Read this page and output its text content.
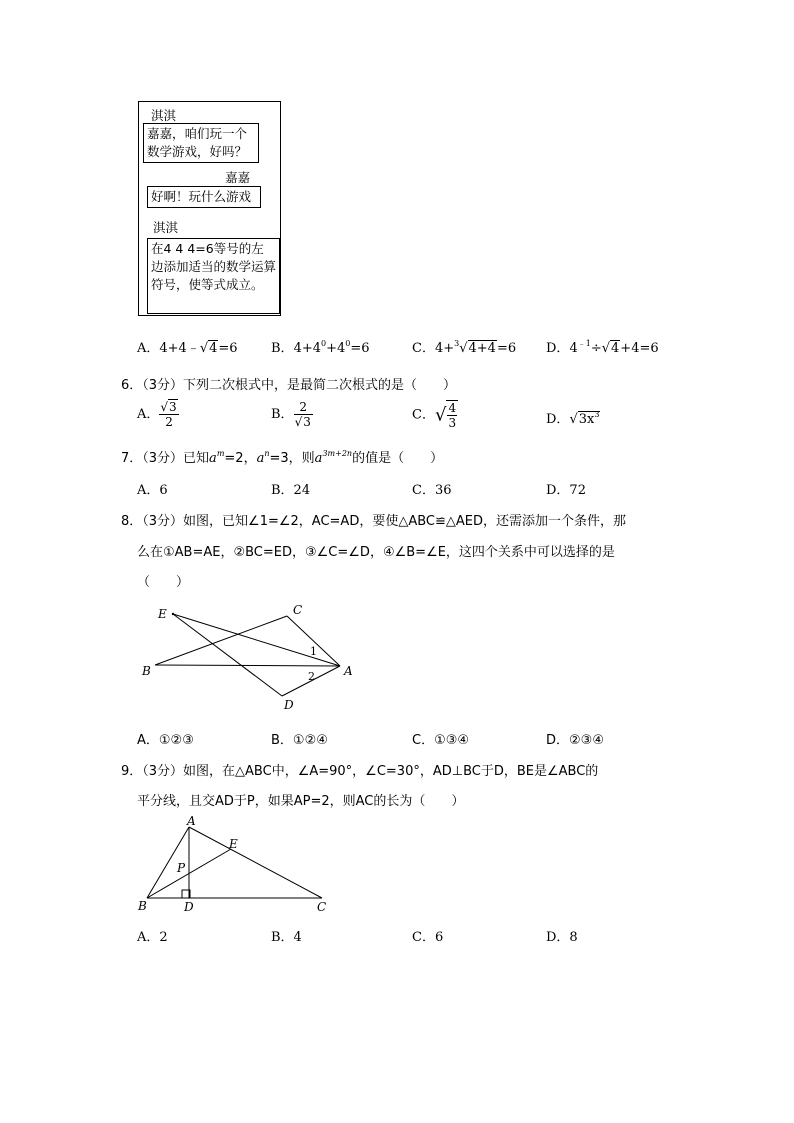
淇淇
嘉嘉，咱们玩一个数学游戏，好吗？
嘉嘉
好啊！玩什么游戏
淇淇
在4 4 4=6等号的左边添加适当的数学运算符号，使等式成立。
A．4+4﹣√4=6	B．$4+4^0+4^0=6$	C．4+$^3$√4+4=6 D．$4^{﹣1}\div√4+4=6$
6．（3分）下列二次根式中，是最简二次根式的是（　　）
A． $\frac{√3}{2}$	B． $\frac{2}{√3}$	C．√ $\frac{4}{3}$	D．$√3x^3$
7．（3分）已知$a^m=2$，$a^n=3$，则$a^{3m+2n}$的值是（　　）
A．6	B．24	C．36	D．72
8．（3分）如图，已知∠1=∠2，AC=AD，要使△ABC≌△AED，还需添加一个条件，那
么在①AB=AE，②BC=ED，③∠C=∠D，④∠B=∠E，这四个关系中可以选择的是
（　　）
E	C
B	A
D
1
2
A．①②③	B．①②④	C．①③④	D．②③④
9．（3分）如图，在△ABC中，∠A=90°，∠C=30°，AD⊥BC于D，BE是∠ABC的
平分线，且交AD于P，如果AP=2，则AC的长为（　　）
A
E
P
B	D	C
A．2	B．4	C．6	D．8
